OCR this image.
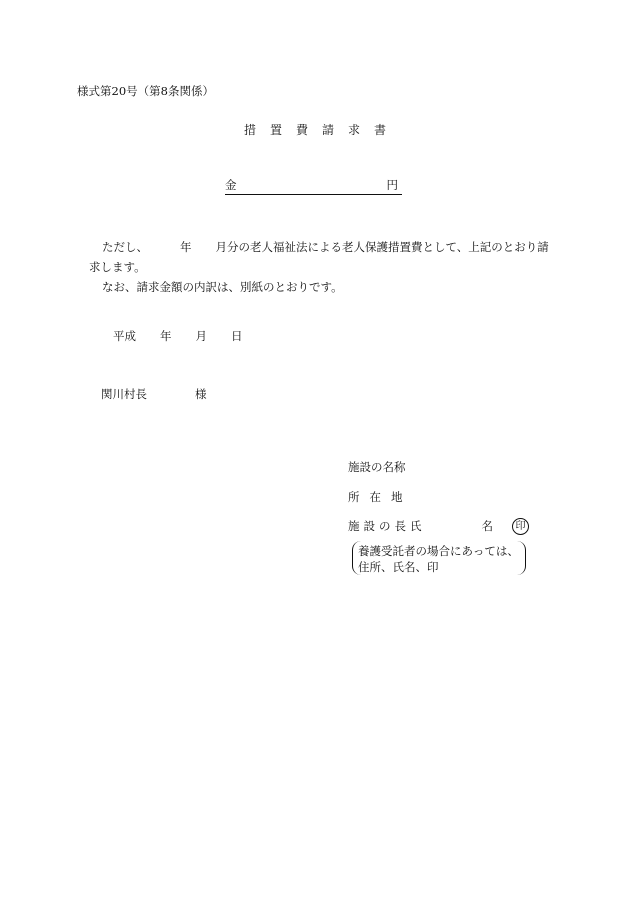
様式第20号（第8条関係）
措置費請求書
金	円
ただし、	年 月分の老人福祉法による老人保護措置費として、上記のとおり請
求します。
なお、請求金額の内訳は、別紙のとおりです。
平成 年 月 日
関川村長	様
施設の名称
所在地
施設の長氏	名	印
養護受託者の場合にあっては、
住所、氏名、印
